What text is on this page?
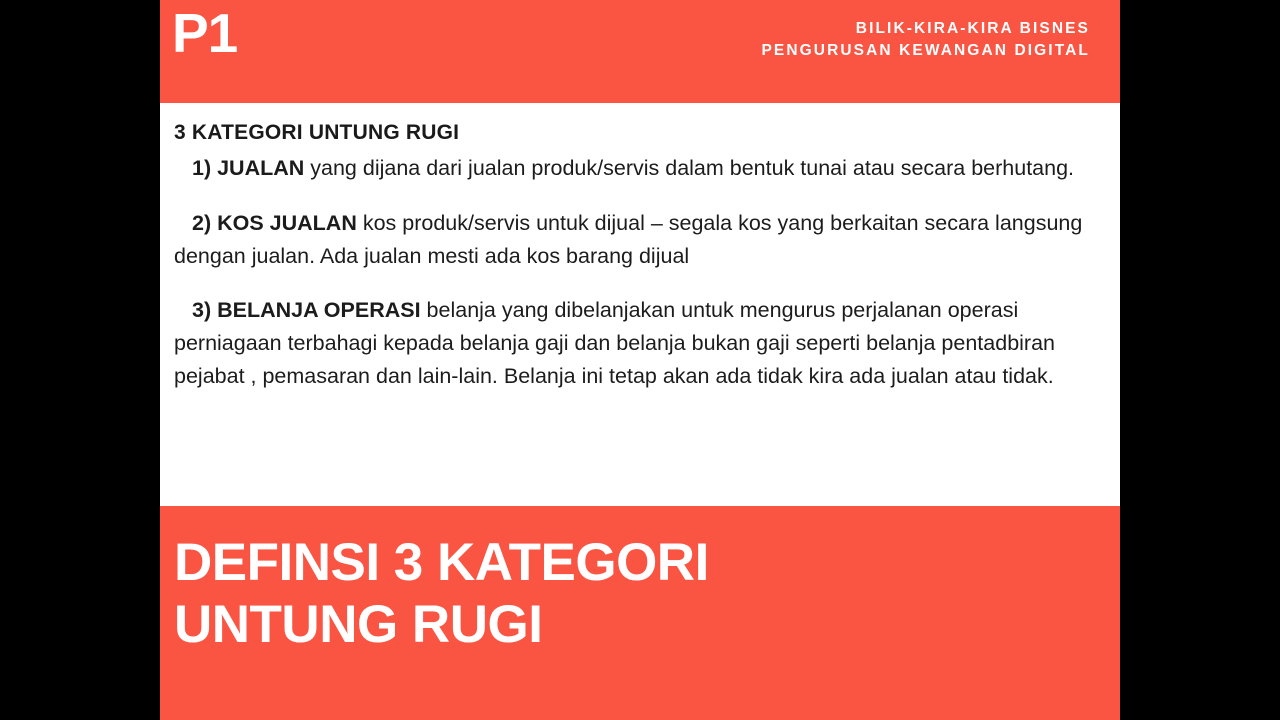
P1	BILIK-KIRA-KIRA BISNES
PENGURUSAN KEWANGAN DIGITAL
3 KATEGORI UNTUNG RUGI

1) JUALAN yang dijana dari jualan produk/servis dalam bentuk tunai atau secara berhutang.

2) KOS JUALAN kos produk/servis untuk dijual – segala kos yang berkaitan secara langsung dengan jualan. Ada jualan mesti ada kos barang dijual

3) BELANJA OPERASI belanja yang dibelanjakan untuk mengurus perjalanan operasi perniagaan terbahagi kepada belanja gaji dan belanja bukan gaji seperti belanja pentadbiran pejabat , pemasaran dan lain-lain. Belanja ini tetap akan ada tidak kira ada jualan atau tidak.

DEFINSI 3 KATEGORI
UNTUNG RUGI
